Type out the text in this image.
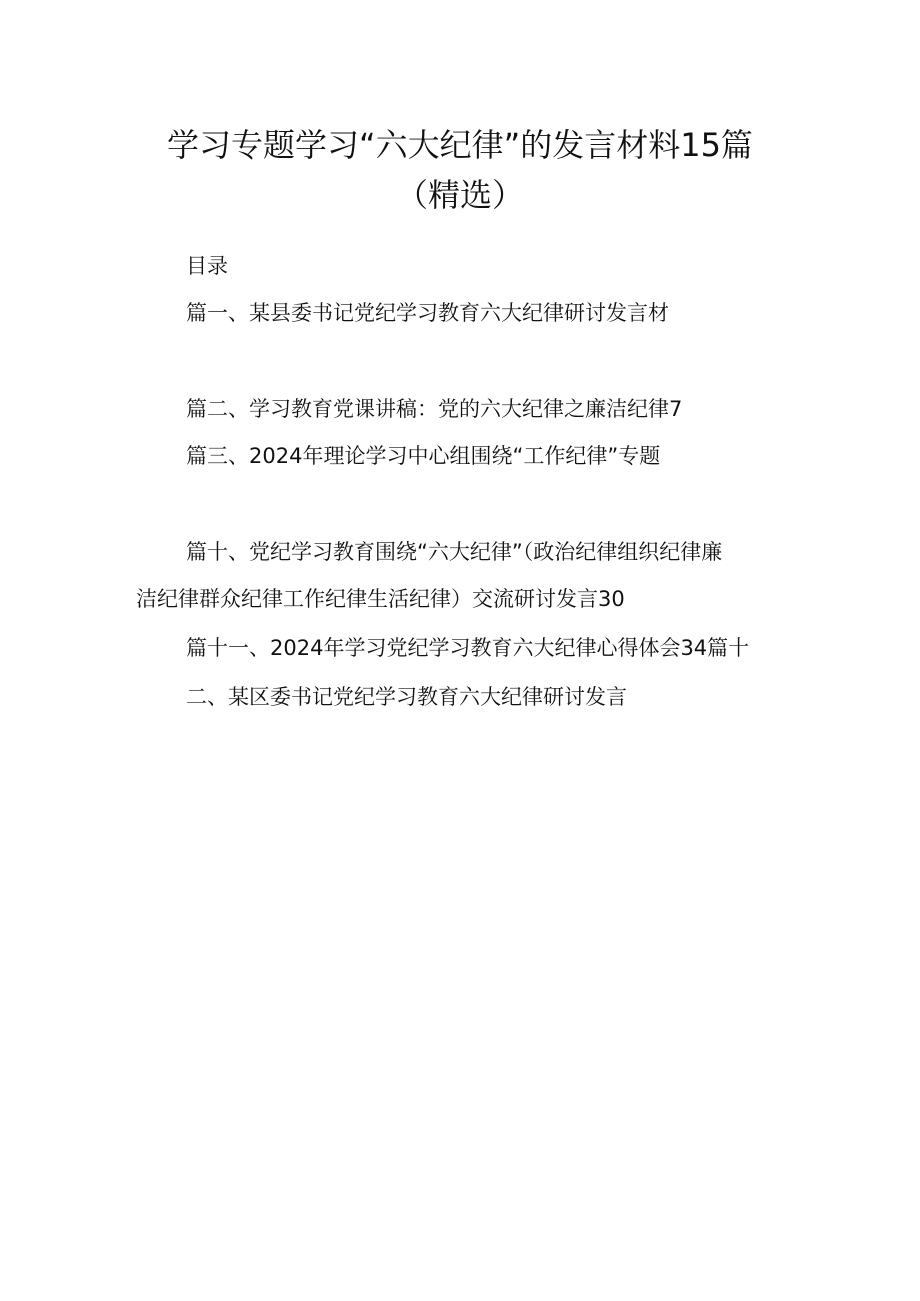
学习专题学习“六大纪律”的发言材料15篇
（精选）
目录
篇一、某县委书记党纪学习教育六大纪律研讨发言材
篇二、学习教育党课讲稿：党的六大纪律之廉洁纪律7
篇三、2024年理论学习中心组围绕“工作纪律”专题
篇十、党纪学习教育围绕“六大纪律”（政治纪律组织纪律廉
洁纪律群众纪律工作纪律生活纪律）交流研讨发言30
篇十一、2024年学习党纪学习教育六大纪律心得体会34篇十
二、某区委书记党纪学习教育六大纪律研讨发言
